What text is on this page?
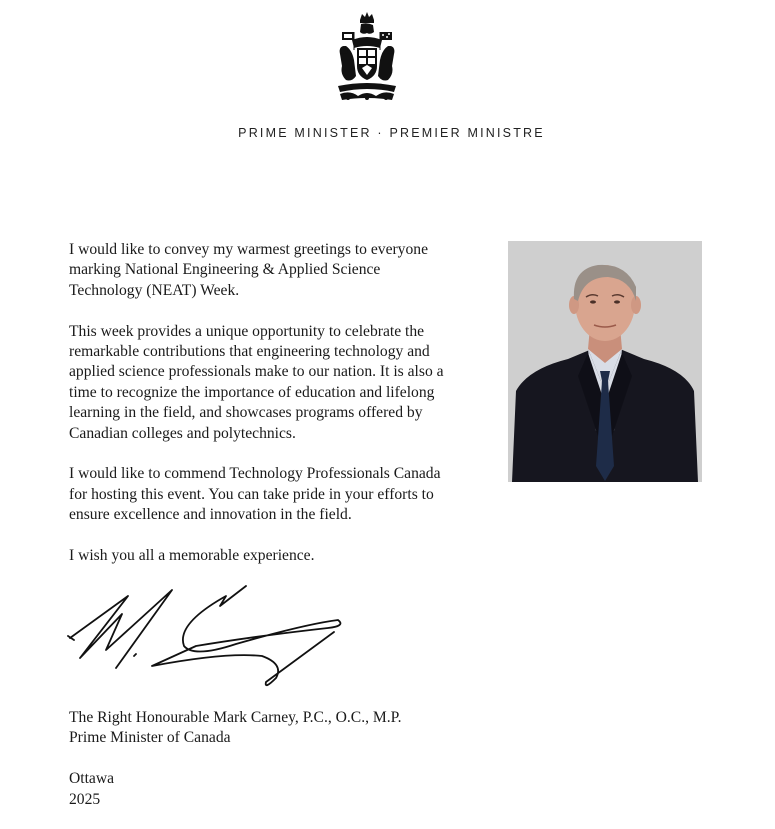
PRIME MINISTER · PREMIER MINISTRE

I would like to convey my warmest greetings to everyone
marking National Engineering & Applied Science
Technology (NEAT) Week.

This week provides a unique opportunity to celebrate the
remarkable contributions that engineering technology and
applied science professionals make to our nation. It is also a
time to recognize the importance of education and lifelong
learning in the field, and showcases programs offered by
Canadian colleges and polytechnics.

I would like to commend Technology Professionals Canada
for hosting this event. You can take pride in your efforts to
ensure excellence and innovation in the field.

I wish you all a memorable experience.

The Right Honourable Mark Carney, P.C., O.C., M.P.
Prime Minister of Canada
Ottawa
2025
